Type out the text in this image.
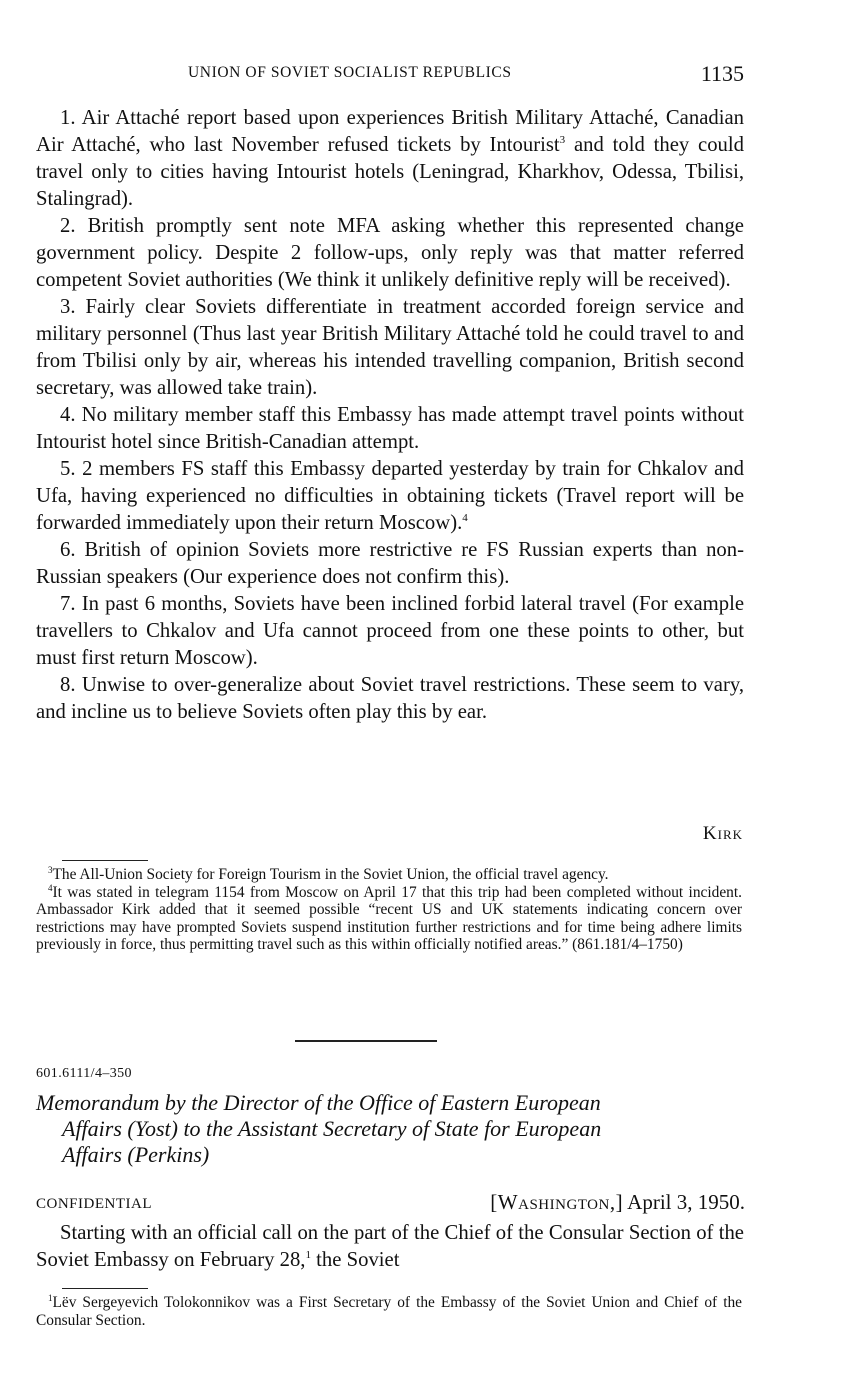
UNION OF SOVIET SOCIALIST REPUBLICS	1135

1. Air Attaché report based upon experiences British Military Attaché, Canadian Air Attaché, who last November refused tickets by Intourist$^3$ and told they could travel only to cities having Intourist hotels (Leningrad, Kharkhov, Odessa, Tbilisi, Stalingrad).

2. British promptly sent note MFA asking whether this represented change government policy. Despite 2 follow-ups, only reply was that matter referred competent Soviet authorities (We think it unlikely definitive reply will be received).

3. Fairly clear Soviets differentiate in treatment accorded foreign service and military personnel (Thus last year British Military Attaché told he could travel to and from Tbilisi only by air, whereas his intended travelling companion, British second secretary, was allowed take train).

4. No military member staff this Embassy has made attempt travel points without Intourist hotel since British-Canadian attempt.

5. 2 members FS staff this Embassy departed yesterday by train for Chkalov and Ufa, having experienced no difficulties in obtaining tickets (Travel report will be forwarded immediately upon their return Moscow).$^4$

6. British of opinion Soviets more restrictive re FS Russian experts than non-Russian speakers (Our experience does not confirm this).

7. In past 6 months, Soviets have been inclined forbid lateral travel (For example travellers to Chkalov and Ufa cannot proceed from one these points to other, but must first return Moscow).

8. Unwise to over-generalize about Soviet travel restrictions. These seem to vary, and incline us to believe Soviets often play this by ear.

Kirk

$^3$The All-Union Society for Foreign Tourism in the Soviet Union, the official travel agency.

$^4$It was stated in telegram 1154 from Moscow on April 17 that this trip had been completed without incident. Ambassador Kirk added that it seemed possible “recent US and UK statements indicating concern over restrictions may have prompted Soviets suspend institution further restrictions and for time being adhere limits previously in force, thus permitting travel such as this within officially notified areas.” (861.181/4–1750)

601.6111/4–350
Memorandum by the Director of the Office of Eastern European
Affairs (Yost) to the Assistant Secretary of State for European
Affairs (Perkins)
CONFIDENTIAL	[Washington,] April 3, 1950.

Starting with an official call on the part of the Chief of the Consular Section of the Soviet Embassy on February 28,$^1$ the Soviet

$^1$Lëv Sergeyevich Tolokonnikov was a First Secretary of the Embassy of the Soviet Union and Chief of the Consular Section.
